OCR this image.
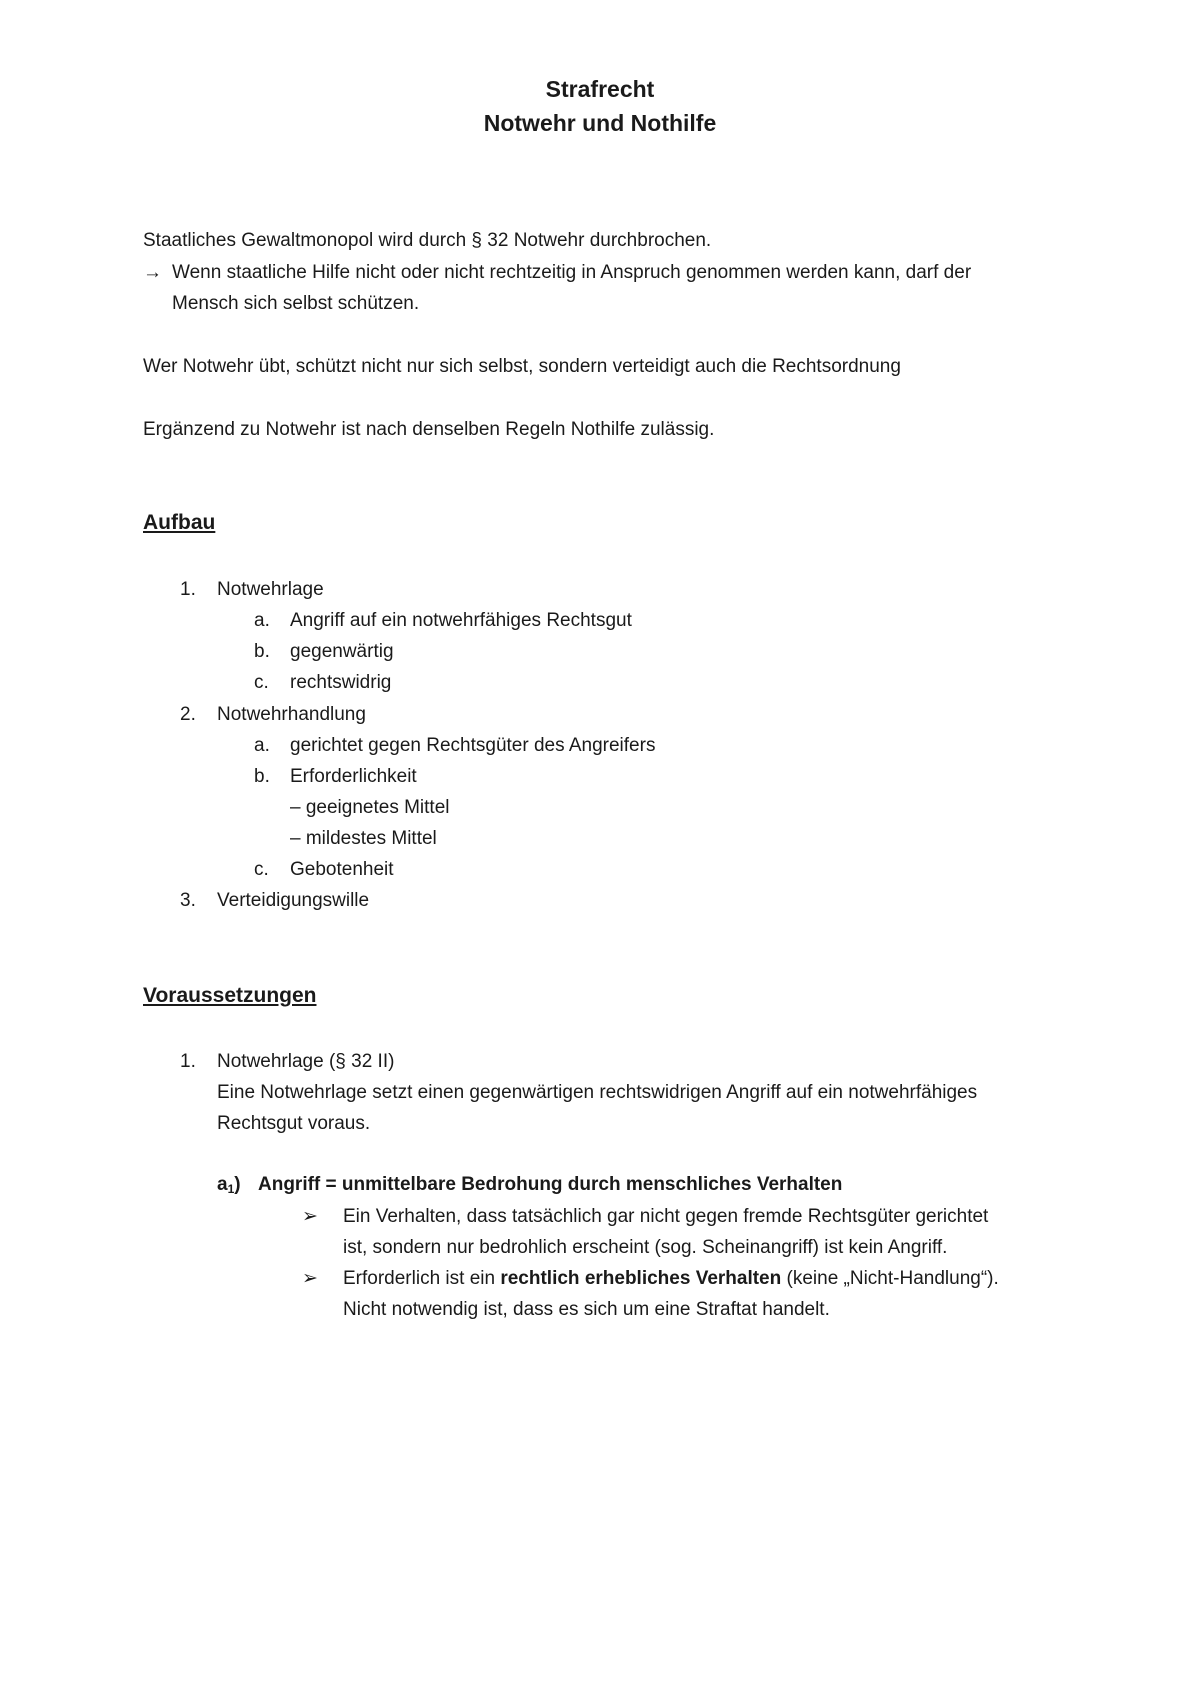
Strafrecht
Notwehr und Nothilfe
Staatliches Gewaltmonopol wird durch § 32 Notwehr durchbrochen.
→ Wenn staatliche Hilfe nicht oder nicht rechtzeitig in Anspruch genommen werden kann, darf der
Mensch sich selbst schützen.
Wer Notwehr übt, schützt nicht nur sich selbst, sondern verteidigt auch die Rechtsordnung
Ergänzend zu Notwehr ist nach denselben Regeln Nothilfe zulässig.
Aufbau
1. Notwehrlage
a. Angriff auf ein notwehrfähiges Rechtsgut
b. gegenwärtig
c. rechtswidrig
2. Notwehrhandlung
a. gerichtet gegen Rechtsgüter des Angreifers
b. Erforderlichkeit
– geeignetes Mittel
– mildestes Mittel
c. Gebotenheit
3. Verteidigungswille
Voraussetzungen
1. Notwehrlage (§ 32 II)
Eine Notwehrlage setzt einen gegenwärtigen rechtswidrigen Angriff auf ein notwehrfähiges
Rechtsgut voraus.
$a_1$) Angriff = unmittelbare Bedrohung durch menschliches Verhalten
➢ Ein Verhalten, dass tatsächlich gar nicht gegen fremde Rechtsgüter gerichtet
ist, sondern nur bedrohlich erscheint (sog. Scheinangriff) ist kein Angriff.
➢ Erforderlich ist ein rechtlich erhebliches Verhalten (keine „Nicht-Handlung“).
Nicht notwendig ist, dass es sich um eine Straftat handelt.
